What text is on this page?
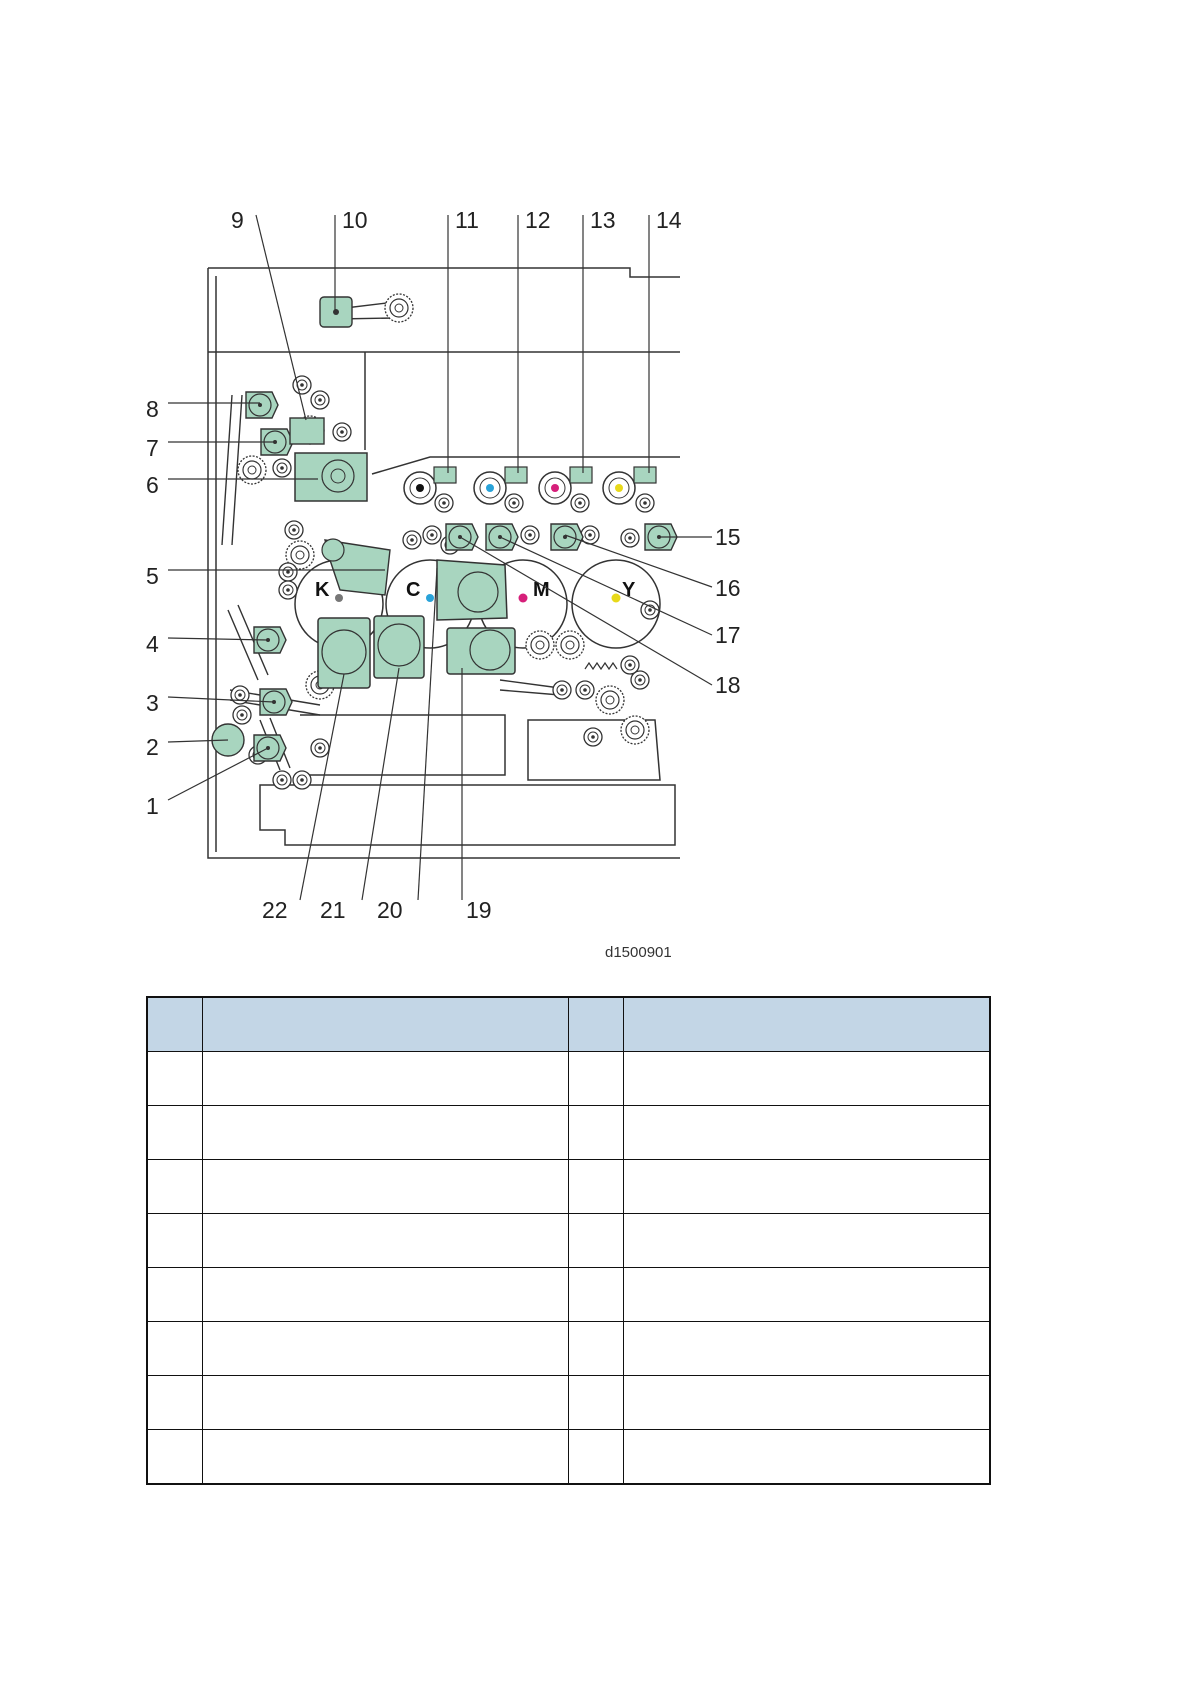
K	C	M	Y
1
2
3
4
5
6
7
8
9	10	11 12 13 14
15
16
17
18
19
20
21
22
d1500901
